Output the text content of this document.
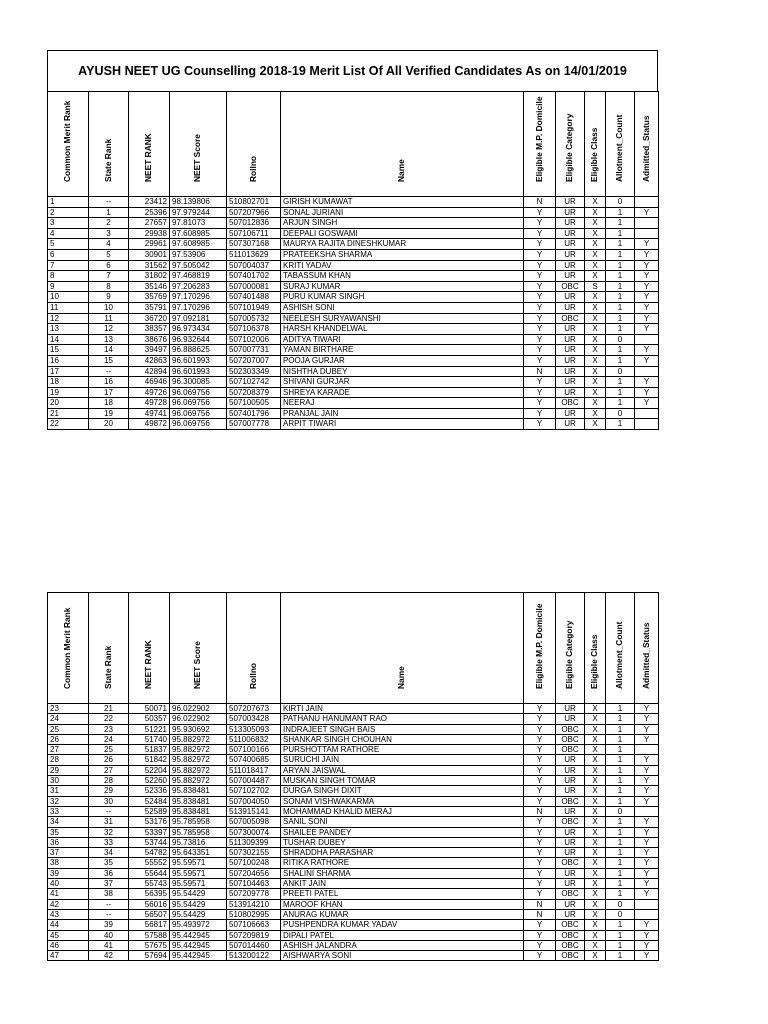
AYUSH NEET UG Counselling 2018-19 Merit List Of All Verified Candidates As on 14/01/2019
Common Merit Rank	State Rank	NEET RANK	NEET Score	Rollno	Name	Eligible M.P. Domicile	Eligible Category	Eligible Class	Allotment_Count	Admitted_Status

1	--	23412	98.139806	510802701	GIRISH KUMAWAT	N	UR	X	0	
2	1	25396	97.979244	507207966	SONAL JURIANI	Y	UR	X	1	Y
3	2	27657	97.81073	507012836	ARJUN SINGH	Y	UR	X	1	
4	3	29938	97.608985	507106711	DEEPALI GOSWAMI	Y	UR	X	1	
5	4	29961	97.608985	507307168	MAURYA RAJITA DINESHKUMAR	Y	UR	X	1	Y
6	5	30901	97.53906	511013629	PRATEEKSHA SHARMA	Y	UR	X	1	Y
7	6	31562	97.505042	507004037	KRITI YADAV	Y	UR	X	1	Y
8	7	31802	97.468819	507401702	TABASSUM KHAN	Y	UR	X	1	Y
9	8	35146	97.206283	507000081	SURAJ KUMAR	Y	OBC	S	1	Y
10	9	35769	97.170296	507401488	PURU KUMAR SINGH	Y	UR	X	1	Y
11	10	35791	97.170296	507101949	ASHISH SONI	Y	UR	X	1	Y
12	11	36720	97.092181	507005732	NEELESH SURYAWANSHI	Y	OBC	X	1	Y
13	12	38357	96.973434	507106378	HARSH KHANDELWAL	Y	UR	X	1	Y
14	13	38676	96.932644	507102006	ADITYA TIWARI	Y	UR	X	0	
15	14	39497	96.888625	507007731	YAMAN BIRTHARE	Y	UR	X	1	Y
16	15	42863	96.601993	507207007	POOJA GURJAR	Y	UR	X	1	Y
17	--	42894	96.601993	502303349	NISHTHA DUBEY	N	UR	X	0	
18	16	46946	96.300085	507102742	SHIVANI GURJAR	Y	UR	X	1	Y
19	17	49726	96.069756	507208379	SHREYA KARADE	Y	UR	X	1	Y
20	18	49728	96.069756	507100505	NEERAJ	Y	OBC	X	1	Y
21	19	49741	96.069756	507401796	PRANJAL JAIN	Y	UR	X	0	
22	20	49872	96.069756	507007778	ARPIT TIWARI	Y	UR	X	1	
Common Merit Rank	State Rank	NEET RANK	NEET Score	Rollno	Name	Eligible M.P. Domicile	Eligible Category	Eligible Class	Allotment_Count	Admitted_Status

23	21	50071	96.022902	507207673	KIRTI JAIN	Y	UR	X	1	Y
24	22	50357	96.022902	507003428	PATHANU HANUMANT RAO	Y	UR	X	1	Y
25	23	51221	95.930692	513305093	INDRAJEET SINGH BAIS	Y	OBC	X	1	Y
26	24	51740	95.882972	511006832	SHANKAR SINGH CHOUHAN	Y	OBC	X	1	Y
27	25	51837	95.882972	507100166	PURSHOTTAM RATHORE	Y	OBC	X	1	
28	26	51842	95.882972	507400685	SURUCHI JAIN	Y	UR	X	1	Y
29	27	52204	95.882972	511018417	ARYAN JAISWAL	Y	UR	X	1	Y
30	28	52260	95.882972	507004487	MUSKAN SINGH TOMAR	Y	UR	X	1	Y
31	29	52336	95.838481	507102702	DURGA SINGH DIXIT	Y	UR	X	1	Y
32	30	52484	95.838481	507004050	SONAM VISHWAKARMA	Y	OBC	X	1	Y
33	--	52589	95.838481	513915141	MOHAMMAD KHALID MERAJ	N	UR	X	0	
34	31	53176	95.785958	507005098	SANIL SONI	Y	OBC	X	1	Y
35	32	53397	95.785958	507300074	SHAILEE PANDEY	Y	UR	X	1	Y
36	33	53744	95.73816	511309399	TUSHAR DUBEY	Y	UR	X	1	Y
37	34	54782	95.643351	507302155	SHRADDHA PARASHAR	Y	UR	X	1	Y
38	35	55552	95.59571	507100248	RITIKA RATHORE	Y	OBC	X	1	Y
39	36	55644	95.59571	507204656	SHALINI SHARMA	Y	UR	X	1	Y
40	37	55743	95.59571	507104463	ANKIT JAIN	Y	UR	X	1	Y
41	38	56395	95.54429	507209778	PREETI PATEL	Y	OBC	X	1	Y
42	--	56016	95.54429	513914210	MAROOF KHAN	N	UR	X	0	
43	--	56507	95.54429	510802995	ANURAG KUMAR	N	UR	X	0	
44	39	56817	95.493972	507106663	PUSHPENDRA KUMAR YADAV	Y	OBC	X	1	Y
45	40	57588	95.442945	507209819	DIPALI PATEL	Y	OBC	X	1	Y
46	41	57675	95.442945	507014460	ASHISH JALANDRA	Y	OBC	X	1	Y
47	42	57694	95.442945	513200122	AISHWARYA SONI	Y	OBC	X	1	Y
